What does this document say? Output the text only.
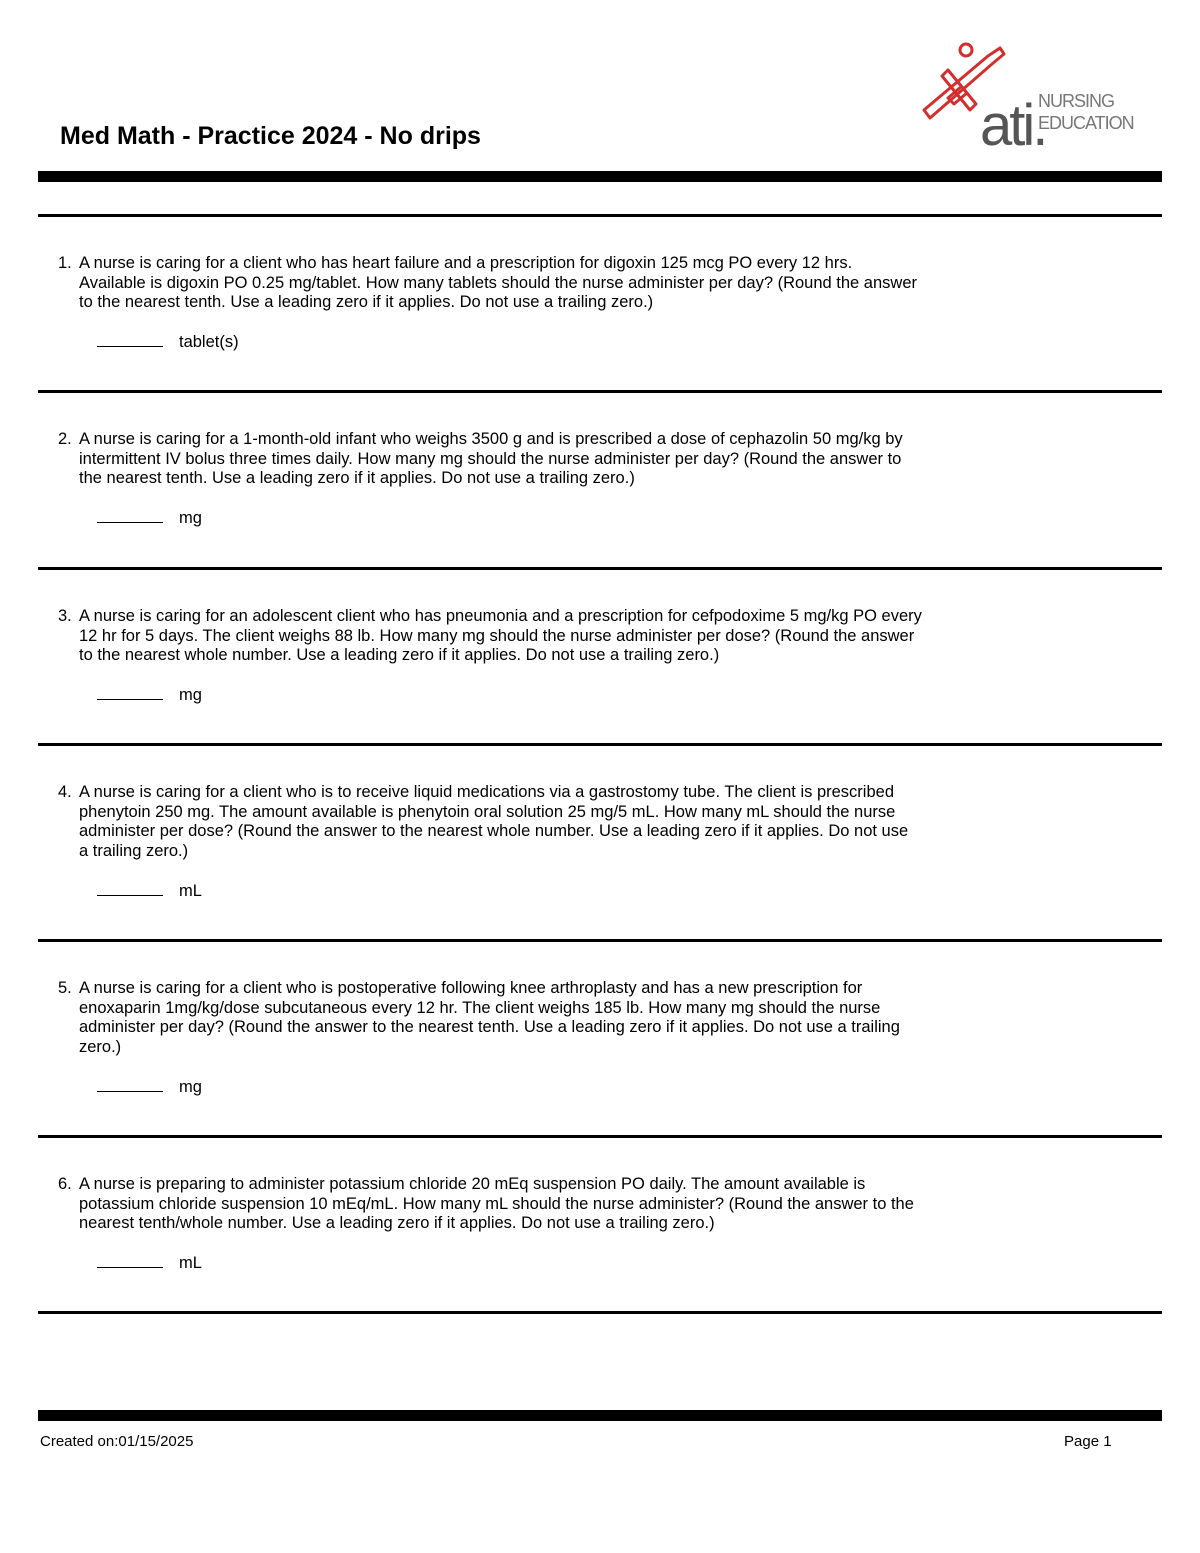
Med Math - Practice 2024 - No drips	ati.
NURSING
EDUCATION
1. A nurse is caring for a client who has heart failure and a prescription for digoxin 125 mcg PO every 12 hrs.
Available is digoxin PO 0.25 mg/tablet. How many tablets should the nurse administer per day? (Round the answer
to the nearest tenth. Use a leading zero if it applies. Do not use a trailing zero.)
tablet(s)
2. A nurse is caring for a 1-month-old infant who weighs 3500 g and is prescribed a dose of cephazolin 50 mg/kg by
intermittent IV bolus three times daily. How many mg should the nurse administer per day? (Round the answer to
the nearest tenth. Use a leading zero if it applies. Do not use a trailing zero.)
mg
3. A nurse is caring for an adolescent client who has pneumonia and a prescription for cefpodoxime 5 mg/kg PO every
12 hr for 5 days. The client weighs 88 lb. How many mg should the nurse administer per dose? (Round the answer
to the nearest whole number. Use a leading zero if it applies. Do not use a trailing zero.)
mg
4. A nurse is caring for a client who is to receive liquid medications via a gastrostomy tube. The client is prescribed
phenytoin 250 mg. The amount available is phenytoin oral solution 25 mg/5 mL. How many mL should the nurse
administer per dose? (Round the answer to the nearest whole number. Use a leading zero if it applies. Do not use
a trailing zero.)
mL
5. A nurse is caring for a client who is postoperative following knee arthroplasty and has a new prescription for
enoxaparin 1mg/kg/dose subcutaneous every 12 hr. The client weighs 185 lb. How many mg should the nurse
administer per day? (Round the answer to the nearest tenth. Use a leading zero if it applies. Do not use a trailing
zero.)
mg
6. A nurse is preparing to administer potassium chloride 20 mEq suspension PO daily. The amount available is
potassium chloride suspension 10 mEq/mL. How many mL should the nurse administer? (Round the answer to the
nearest tenth/whole number. Use a leading zero if it applies. Do not use a trailing zero.)
mL
Created on:01/15/2025	Page 1
